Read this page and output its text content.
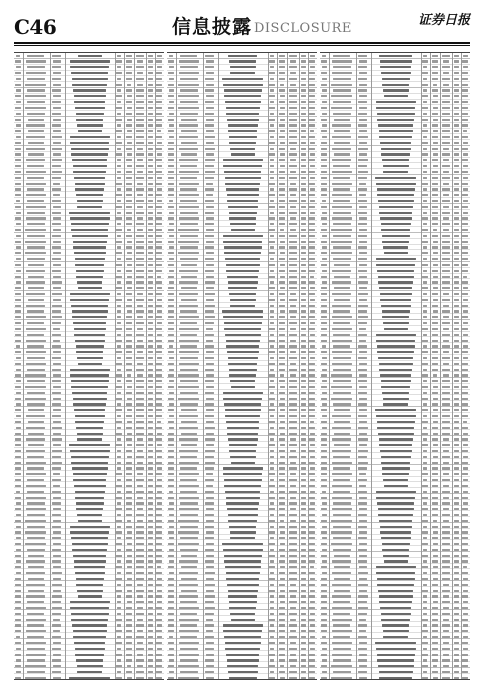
C46	信息披露 DISCLOSURE
证券日报
